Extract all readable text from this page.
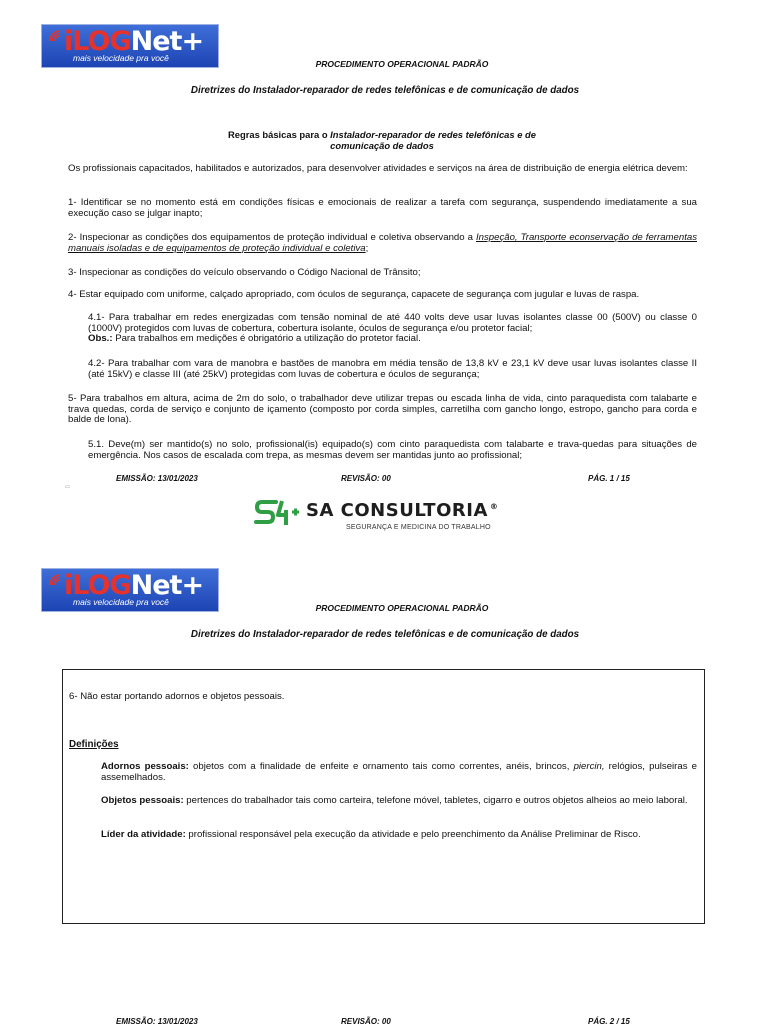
iLOGNet+
mais velocidade pra você
PROCEDIMENTO OPERACIONAL PADRÃO
Diretrizes do Instalador-reparador de redes telefônicas e de comunicação de dados
Regras básicas para o Instalador-reparador de redes telefônicas e de comunicação de dados
Os profissionais capacitados, habilitados e autorizados, para desenvolver atividades e serviços na área de distribuição de energia elétrica devem:
1- Identificar se no momento está em condições físicas e emocionais de realizar a tarefa com segurança, suspendendo imediatamente a sua execução caso se julgar inapto;
2- Inspecionar as condições dos equipamentos de proteção individual e coletiva observando a Inspeção, Transporte econservação de ferramentas manuais isoladas e de equipamentos de proteção individual e coletiva;
3- Inspecionar as condições do veículo observando o Código Nacional de Trânsito;
4- Estar equipado com uniforme, calçado apropriado, com óculos de segurança, capacete de segurança com jugular e luvas de raspa.
4.1- Para trabalhar em redes energizadas com tensão nominal de até 440 volts deve usar luvas isolantes classe 00 (500V) ou classe 0 (1000V) protegidos com luvas de cobertura, cobertura isolante, óculos de segurança e/ou protetor facial;
Obs.: Para trabalhos em medições é obrigatório a utilização do protetor facial.
4.2- Para trabalhar com vara de manobra e bastões de manobra em média tensão de 13,8 kV e 23,1 kV deve usar luvas isolantes classe II (até 15kV) e classe III (até 25kV) protegidas com luvas de cobertura e óculos de segurança;
5- Para trabalhos em altura, acima de 2m do solo, o trabalhador deve utilizar trepas ou escada linha de vida, cinto paraquedista com talabarte e trava quedas, corda de serviço e conjunto de içamento (composto por corda simples, carretilha com gancho longo, estropo, gancho para corda e balde de lona).
5.1. Deve(m) ser mantido(s) no solo, profissional(is) equipado(s) com cinto paraquedista com talabarte e trava-quedas para situações de emergência. Nos casos de escalada com trepa, as mesmas devem ser mantidas junto ao profissional;
EMISSÃO: 13/01/2023	REVISÃO: 00	PÁG. 1 / 15
▭
SA CONSULTORIA ®
SEGURANÇA E MEDICINA DO TRABALHO
iLOGNet+
mais velocidade pra você
PROCEDIMENTO OPERACIONAL PADRÃO
Diretrizes do Instalador-reparador de redes telefônicas e de comunicação de dados
6- Não estar portando adornos e objetos pessoais.
Definições
Adornos pessoais: objetos com a finalidade de enfeite e ornamento tais como correntes, anéis, brincos, piercin, relógios, pulseiras e assemelhados.
Objetos pessoais: pertences do trabalhador tais como carteira, telefone móvel, tabletes, cigarro e outros objetos alheios ao meio laboral.
Líder da atividade: profissional responsável pela execução da atividade e pelo preenchimento da Análise Preliminar de Risco.
EMISSÃO: 13/01/2023	REVISÃO: 00	PÁG. 2 / 15
